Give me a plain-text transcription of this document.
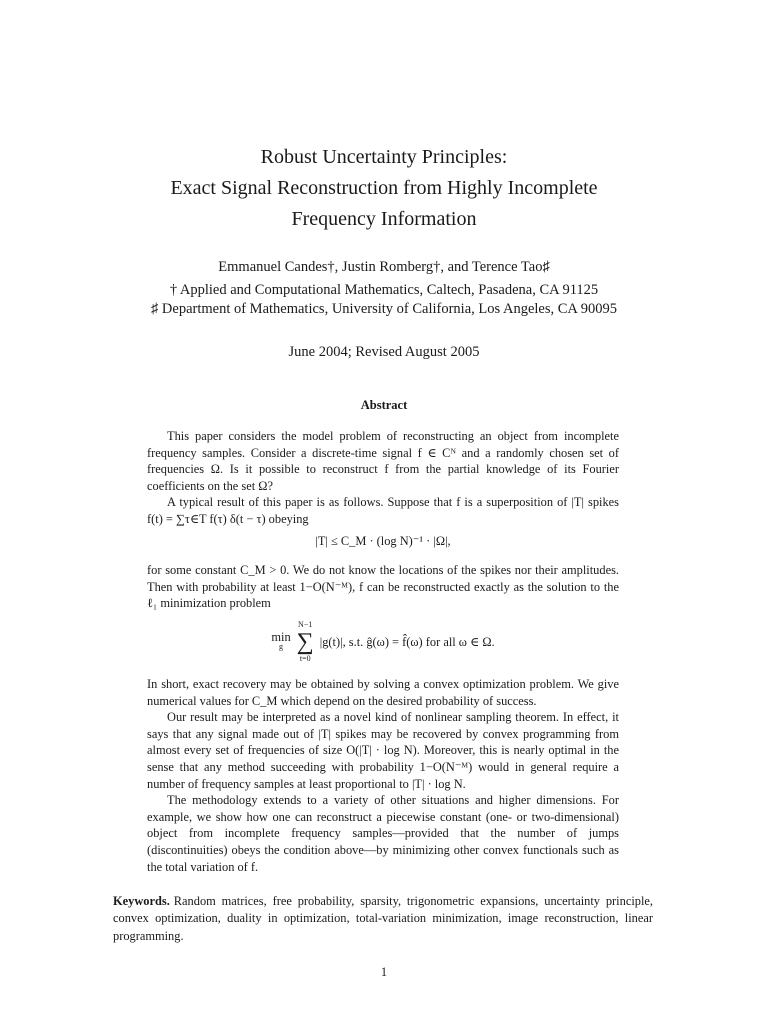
Robust Uncertainty Principles:
Exact Signal Reconstruction from Highly Incomplete
Frequency Information
Emmanuel Candes†, Justin Romberg†, and Terence Tao♯
† Applied and Computational Mathematics, Caltech, Pasadena, CA 91125
♯ Department of Mathematics, University of California, Los Angeles, CA 90095
June 2004; Revised August 2005
Abstract

This paper considers the model problem of reconstructing an object from incomplete frequency samples. Consider a discrete-time signal f ∈ Cᴺ and a randomly chosen set of frequencies Ω. Is it possible to reconstruct f from the partial knowledge of its Fourier coefficients on the set Ω?

A typical result of this paper is as follows. Suppose that f is a superposition of |T| spikes f(t) = ∑τ∈T f(τ) δ(t − τ) obeying

|T| ≤ C_M · (log N)⁻¹ · |Ω|,

for some constant C_M > 0. We do not know the locations of the spikes nor their amplitudes. Then with probability at least 1−O(N⁻ᴹ), f can be reconstructed exactly as the solution to the ℓ₁ minimization problem

min
g
N−1
∑
t=0
|g(t)|, s.t. ĝ(ω) = f̂(ω) for all ω ∈ Ω.

In short, exact recovery may be obtained by solving a convex optimization problem. We give numerical values for C_M which depend on the desired probability of success.

Our result may be interpreted as a novel kind of nonlinear sampling theorem. In effect, it says that any signal made out of |T| spikes may be recovered by convex programming from almost every set of frequencies of size O(|T| · log N). Moreover, this is nearly optimal in the sense that any method succeeding with probability 1−O(N⁻ᴹ) would in general require a number of frequency samples at least proportional to |T| · log N.

The methodology extends to a variety of other situations and higher dimensions. For example, we show how one can reconstruct a piecewise constant (one- or two-dimensional) object from incomplete frequency samples—provided that the number of jumps (discontinuities) obeys the condition above—by minimizing other convex functionals such as the total variation of f.

Keywords. Random matrices, free probability, sparsity, trigonometric expansions, uncertainty principle, convex optimization, duality in optimization, total-variation minimization, image reconstruction, linear programming.

1
